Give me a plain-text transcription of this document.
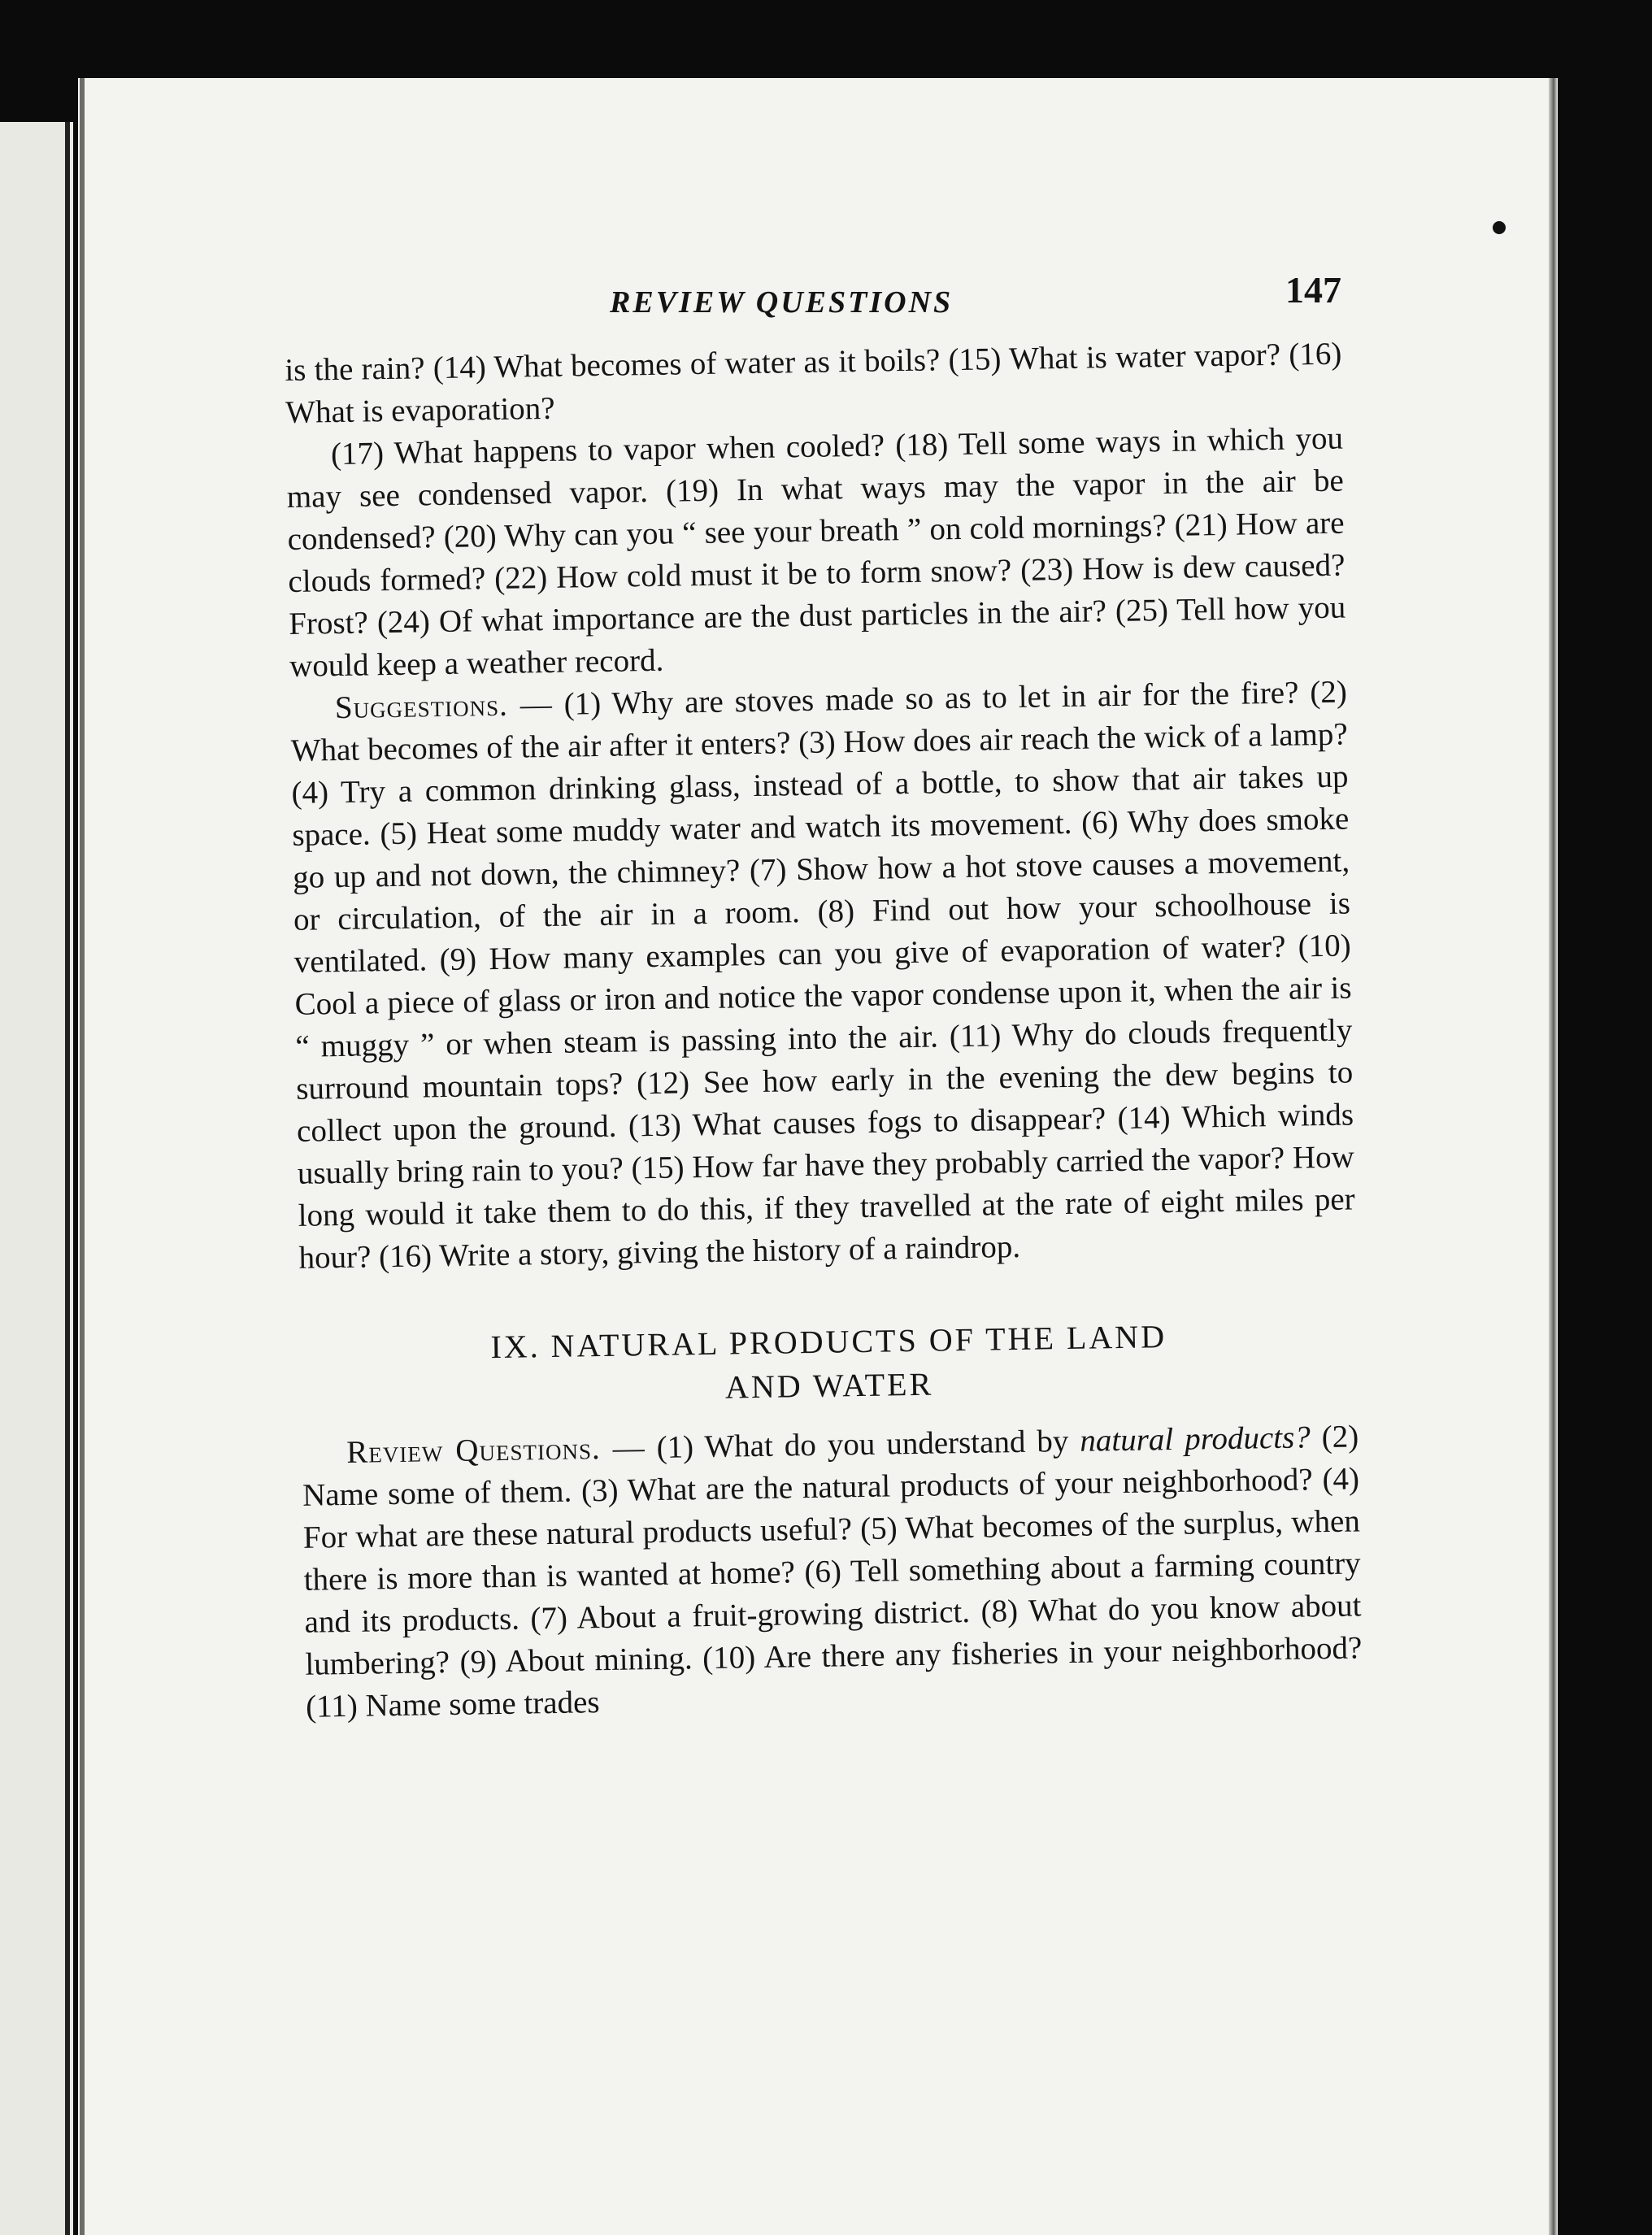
REVIEW QUESTIONS	147

is the rain? (14) What becomes of water as it boils? (15) What is water vapor? (16) What is evaporation?

(17) What happens to vapor when cooled? (18) Tell some ways in which you may see condensed vapor. (19) In what ways may the vapor in the air be condensed? (20) Why can you “ see your breath ” on cold mornings? (21) How are clouds formed? (22) How cold must it be to form snow? (23) How is dew caused? Frost? (24) Of what importance are the dust particles in the air? (25) Tell how you would keep a weather record.

Suggestions. — (1) Why are stoves made so as to let in air for the fire? (2) What becomes of the air after it enters? (3) How does air reach the wick of a lamp? (4) Try a common drinking glass, instead of a bottle, to show that air takes up space. (5) Heat some muddy water and watch its movement. (6) Why does smoke go up and not down, the chimney? (7) Show how a hot stove causes a movement, or circulation, of the air in a room. (8) Find out how your schoolhouse is ventilated. (9) How many examples can you give of evaporation of water? (10) Cool a piece of glass or iron and notice the vapor condense upon it, when the air is “ muggy ” or when steam is passing into the air. (11) Why do clouds frequently surround mountain tops? (12) See how early in the evening the dew begins to collect upon the ground. (13) What causes fogs to disappear? (14) Which winds usually bring rain to you? (15) How far have they probably carried the vapor? How long would it take them to do this, if they travelled at the rate of eight miles per hour? (16) Write a story, giving the history of a raindrop.

IX. NATURAL PRODUCTS OF THE LAND
AND WATER

Review Questions. — (1) What do you understand by natural products? (2) Name some of them. (3) What are the natural products of your neighborhood? (4) For what are these natural products useful? (5) What becomes of the surplus, when there is more than is wanted at home? (6) Tell something about a farming country and its products. (7) About a fruit-growing district. (8) What do you know about lumbering? (9) About mining. (10) Are there any fisheries in your neighborhood? (11) Name some trades
